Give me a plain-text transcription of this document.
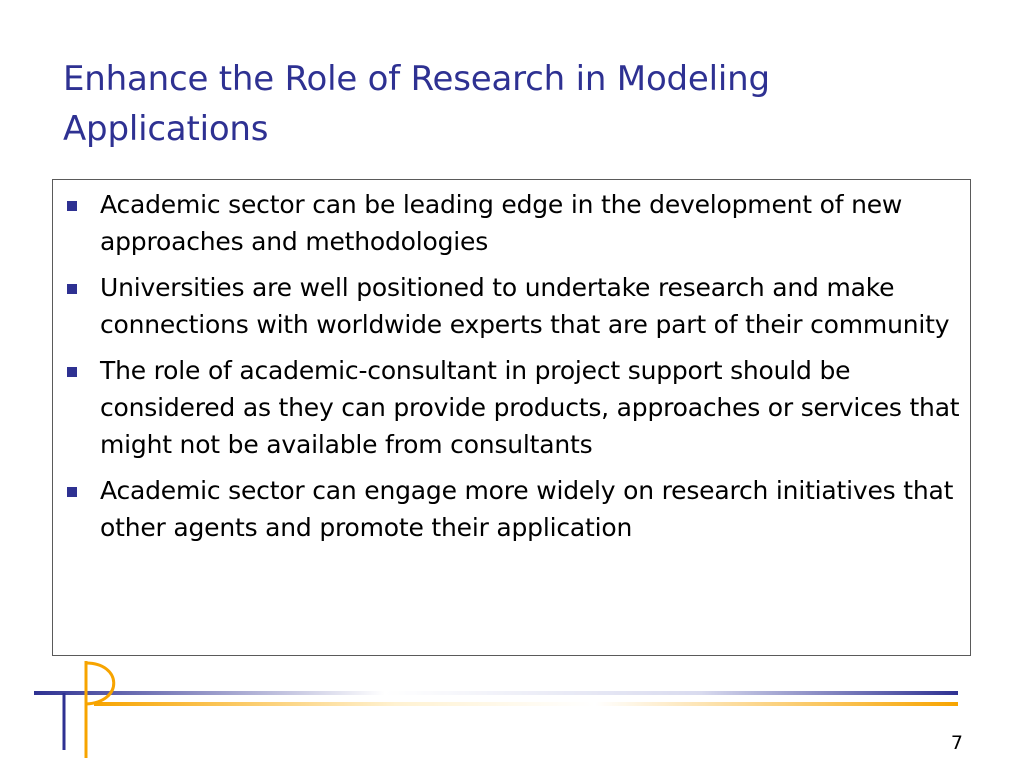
Enhance the Role of Research in Modeling Applications
Academic sector can be leading edge in the development of new approaches and methodologies
Universities are well positioned to undertake research and make connections with worldwide experts that are part of their community
The role of academic-consultant in project support should be considered as they can provide products, approaches or services that might not be available from consultants
Academic sector can engage more widely on research initiatives that other agents and promote their application
7
